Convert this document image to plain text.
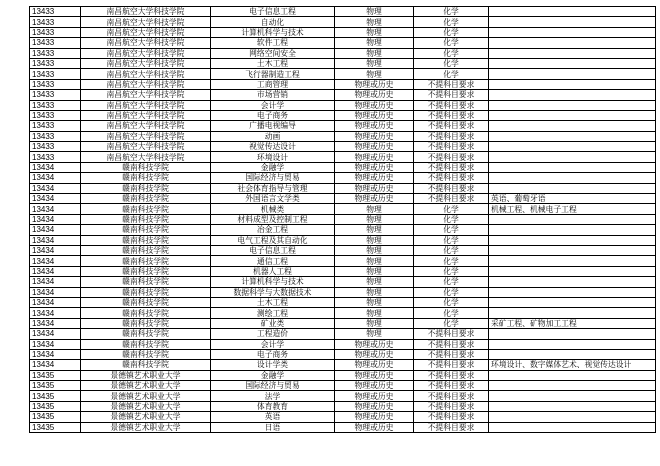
13433	南昌航空大学科技学院	电子信息工程	物理	化学	
13433	南昌航空大学科技学院	自动化	物理	化学	
13433	南昌航空大学科技学院	计算机科学与技术	物理	化学	
13433	南昌航空大学科技学院	软件工程	物理	化学	
13433	南昌航空大学科技学院	网络空间安全	物理	化学	
13433	南昌航空大学科技学院	土木工程	物理	化学	
13433	南昌航空大学科技学院	飞行器制造工程	物理	化学	
13433	南昌航空大学科技学院	工商管理	物理或历史	不提科目要求	
13433	南昌航空大学科技学院	市场营销	物理或历史	不提科目要求	
13433	南昌航空大学科技学院	会计学	物理或历史	不提科目要求	
13433	南昌航空大学科技学院	电子商务	物理或历史	不提科目要求	
13433	南昌航空大学科技学院	广播电视编导	物理或历史	不提科目要求	
13433	南昌航空大学科技学院	动画	物理或历史	不提科目要求	
13433	南昌航空大学科技学院	视觉传达设计	物理或历史	不提科目要求	
13433	南昌航空大学科技学院	环境设计	物理或历史	不提科目要求	
13434	赣南科技学院	金融学	物理或历史	不提科目要求	
13434	赣南科技学院	国际经济与贸易	物理或历史	不提科目要求	
13434	赣南科技学院	社会体育指导与管理	物理或历史	不提科目要求	
13434	赣南科技学院	外国语言文学类	物理或历史	不提科目要求	英语、葡萄牙语
13434	赣南科技学院	机械类	物理	化学	机械工程、机械电子工程
13434	赣南科技学院	材料成型及控制工程	物理	化学	
13434	赣南科技学院	冶金工程	物理	化学	
13434	赣南科技学院	电气工程及其自动化	物理	化学	
13434	赣南科技学院	电子信息工程	物理	化学	
13434	赣南科技学院	通信工程	物理	化学	
13434	赣南科技学院	机器人工程	物理	化学	
13434	赣南科技学院	计算机科学与技术	物理	化学	
13434	赣南科技学院	数据科学与大数据技术	物理	化学	
13434	赣南科技学院	土木工程	物理	化学	
13434	赣南科技学院	测绘工程	物理	化学	
13434	赣南科技学院	矿业类	物理	化学	采矿工程、矿物加工工程
13434	赣南科技学院	工程造价	物理	不提科目要求	
13434	赣南科技学院	会计学	物理或历史	不提科目要求	
13434	赣南科技学院	电子商务	物理或历史	不提科目要求	
13434	赣南科技学院	设计学类	物理或历史	不提科目要求	环境设计、数字媒体艺术、视觉传达设计
13435	景德镇艺术职业大学	金融学	物理或历史	不提科目要求	
13435	景德镇艺术职业大学	国际经济与贸易	物理或历史	不提科目要求	
13435	景德镇艺术职业大学	法学	物理或历史	不提科目要求	
13435	景德镇艺术职业大学	体育教育	物理或历史	不提科目要求	
13435	景德镇艺术职业大学	英语	物理或历史	不提科目要求	
13435	景德镇艺术职业大学	日语	物理或历史	不提科目要求	
